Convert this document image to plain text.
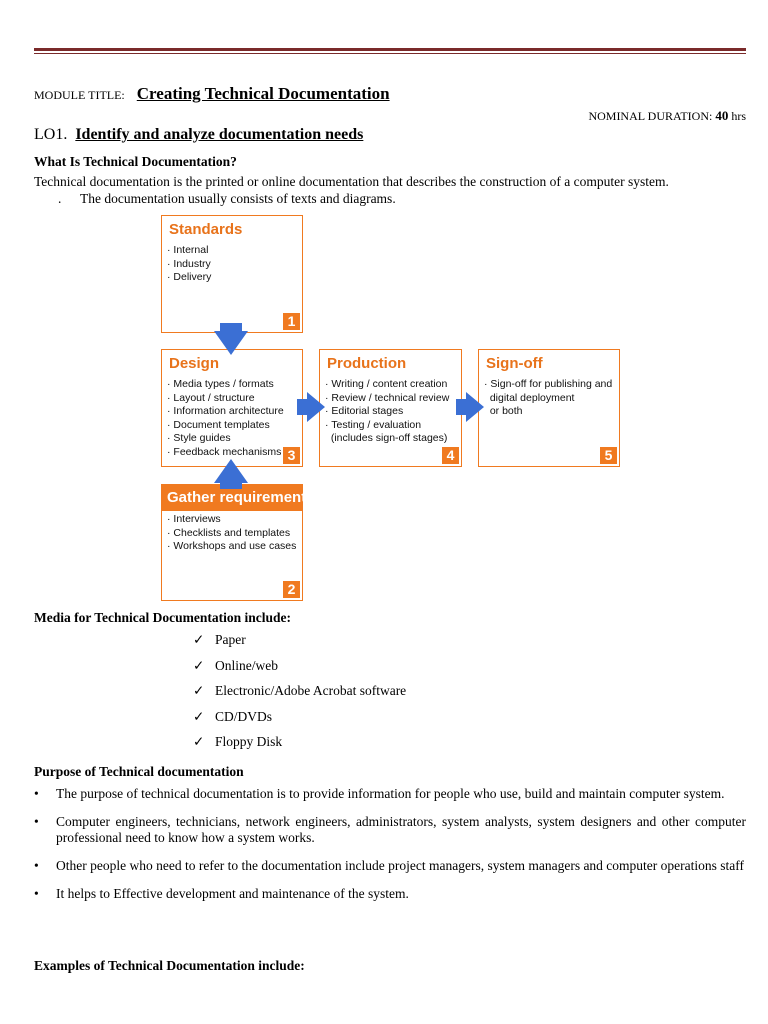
MODULE TITLE: Creating Technical Documentation
NOMINAL DURATION: 40 hrs
LO1. Identify and analyze documentation needs
What Is Technical Documentation?
Technical documentation is the printed or online documentation that describes the construction of a computer system.
. The documentation usually consists of texts and diagrams.
Standards
· Internal
· Industry
· Delivery
1
Design
· Media types / formats
· Layout / structure
· Information architecture
· Document templates
· Style guides
· Feedback mechanisms 3
Production
· Writing / content creation
· Review / technical review
· Editorial stages
· Testing / evaluation
(includes sign-off stages)
4
Sign-off
· Sign-off for publishing and
digital deployment
or both
5
Gather requirements
· Interviews
· Checklists and templates
· Workshops and use cases
2
Media for Technical Documentation include:
✓ Paper
✓ Online/web
✓ Electronic/Adobe Acrobat software
✓ CD/DVDs
✓ Floppy Disk
Purpose of Technical documentation
• The purpose of technical documentation is to provide information for people who use, build and maintain computer system.
• Computer engineers, technicians, network engineers, administrators, system analysts, system designers and other computer professional need to know how a system works.
• Other people who need to refer to the documentation include project managers, system managers and computer operations staff
• It helps to Effective development and maintenance of the system.
Examples of Technical Documentation include:
